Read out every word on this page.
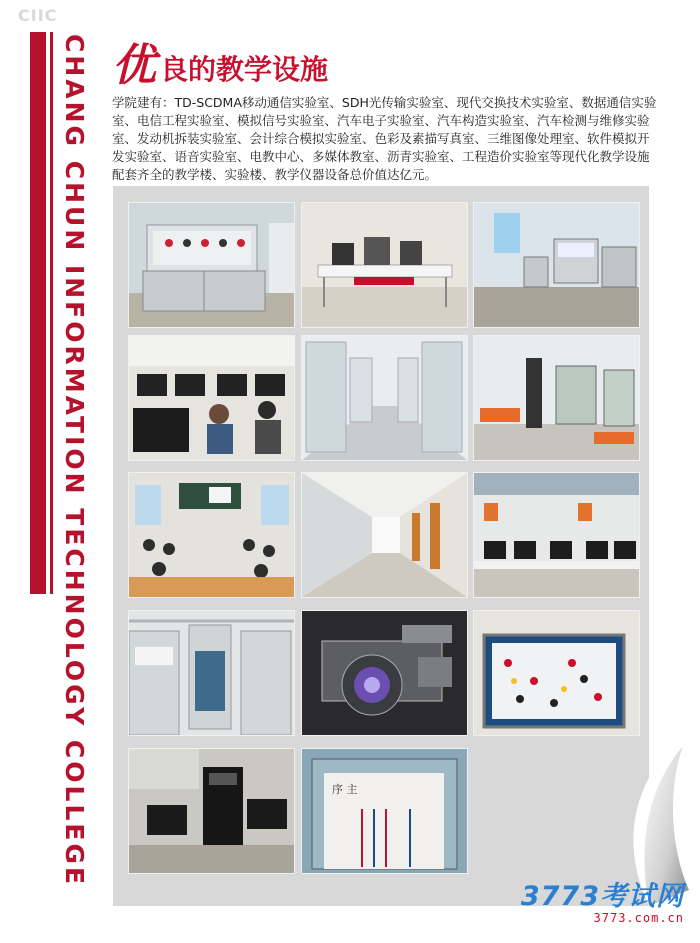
CIIC
CHANG CHUN INFORMATION TECHNOLOGY COLLEGE 优 良的教学设施
学院建有：TD-SCDMA移动通信实验室、SDH光传输实验室、现代交换技术实验室、数据通信实验室、电信工程实验室、模拟信号实验室、汽车电子实验室、汽车构造实验室、汽车检测与维修实验室、发动机拆装实验室、会计综合模拟实验室、色彩及素描写真室、三维图像处理室、软件模拟开发实验室、语音实验室、电教中心、多媒体教室、沥青实验室、工程造价实验室等现代化教学设施配套齐全的教学楼、实验楼、教学仪器设备总价值达亿元。
序 主
3773考试网
3773.com.cn
